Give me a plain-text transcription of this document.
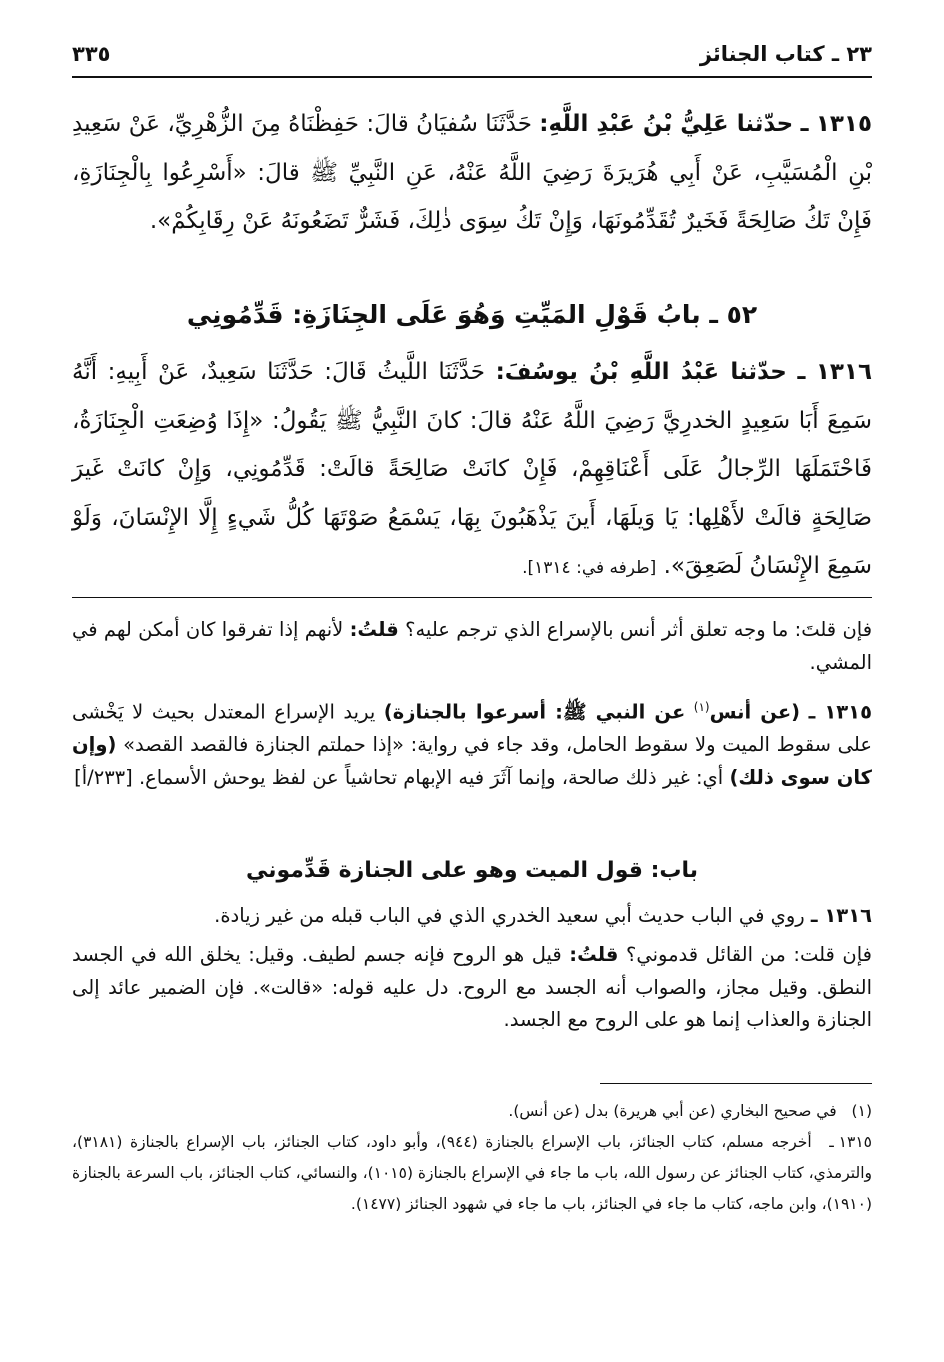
٢٣ ـ كتاب الجنائز
٣٣٥
١٣١٥ ـ حدّثنا عَلِيُّ بْنُ عَبْدِ اللَّهِ: حَدَّثَنَا سُفيَانُ قالَ: حَفِظْنَاهُ مِنَ الزُّهْرِيِّ، عَنْ سَعِيدِ بْنِ الْمُسَيَّبِ، عَنْ أَبِي هُرَيرَةَ رَضِيَ اللَّهُ عَنْهُ، عَنِ النَّبِيِّ ﷺ قالَ: «أَسْرِعُوا بِالْجِنَازَةِ، فَإِنْ تَكُ صَالِحَةً فَخَيرٌ تُقَدِّمُونَهَا، وَإِنْ تَكُ سِوَى ذٰلِكَ، فَشَرٌّ تَضَعُونَهُ عَنْ رِقَابِكُمْ».
٥٢ ـ بابُ قَوْلِ المَيِّتِ وَهُوَ عَلَى الجِنَازَةِ: قَدِّمُونِي
١٣١٦ ـ حدّثنا عَبْدُ اللَّهِ بْنُ يوسُفَ: حَدَّثَنَا اللَّيثُ قَالَ: حَدَّثَنَا سَعِيدٌ، عَنْ أَبِيهِ: أَنَّهُ سَمِعَ أَبَا سَعِيدٍ الخدرِيَّ رَضِيَ اللَّهُ عَنْهُ قالَ: كانَ النَّبِيُّ ﷺ يَقُولُ: «إِذَا وُضِعَتِ الْجِنَازَةُ، فَاحْتَمَلَهَا الرِّجالُ عَلَى أَعْنَاقِهِمْ، فَإِنْ كانَتْ صَالِحَةً قالَتْ: قَدِّمُونِي، وَإِنْ كانَتْ غَيرَ صَالِحَةٍ قالَتْ لأَهْلِها: يَا وَيلَهَا، أَينَ يَذْهَبُونَ بِهَا، يَسْمَعُ صَوْتَهَا كُلُّ شَيءٍ إِلَّا الإِنْسَانَ، وَلَوْ سَمِعَ الإِنْسَانُ لَصَعِقَ». [طرفه في: ١٣١٤].
فإن قلتَ: ما وجه تعلق أثر أنس بالإسراع الذي ترجم عليه؟ قلتُ: لأنهم إذا تفرقوا كان أمكن لهم في المشي.
١٣١٥ ـ (عن أنس$^{(١)}$ عن النبي ﷺ: أسرعوا بالجنازة) يريد الإسراع المعتدل بحيث لا يَخْشى على سقوط الميت ولا سقوط الحامل، وقد جاء في رواية: «إذا حملتم الجنازة فالقصد القصد» (وإن كان سوى ذلك) أي: غير ذلك صالحة، وإنما آثَرَ فيه الإبهام تحاشياً عن لفظ يوحش الأسماع. [٢٣٣/أ]
باب: قول الميت وهو على الجنازة قَدِّموني
١٣١٦ ـ روي في الباب حديث أبي سعيد الخدري الذي في الباب قبله من غير زيادة.
فإن قلت: من القائل قدموني؟ قلتُ: قيل هو الروح فإنه جسم لطيف. وقيل: يخلق الله في الجسد النطق. وقيل مجاز، والصواب أنه الجسد مع الروح. دل عليه قوله: «قالت». فإن الضمير عائد إلى الجنازة والعذاب إنما هو على الروح مع الجسد.
(١) في صحيح البخاري (عن أبي هريرة) بدل (عن أنس).
١٣١٥ ـ أخرجه مسلم، كتاب الجنائز، باب الإسراع بالجنازة (٩٤٤)، وأبو داود، كتاب الجنائز، باب الإسراع بالجنازة (٣١٨١)، والترمذي، كتاب الجنائز عن رسول الله، باب ما جاء في الإسراع بالجنازة (١٠١٥)، والنسائي، كتاب الجنائز، باب السرعة بالجنازة (١٩١٠)، وابن ماجه، كتاب ما جاء في الجنائز، باب ما جاء في شهود الجنائز (١٤٧٧).
